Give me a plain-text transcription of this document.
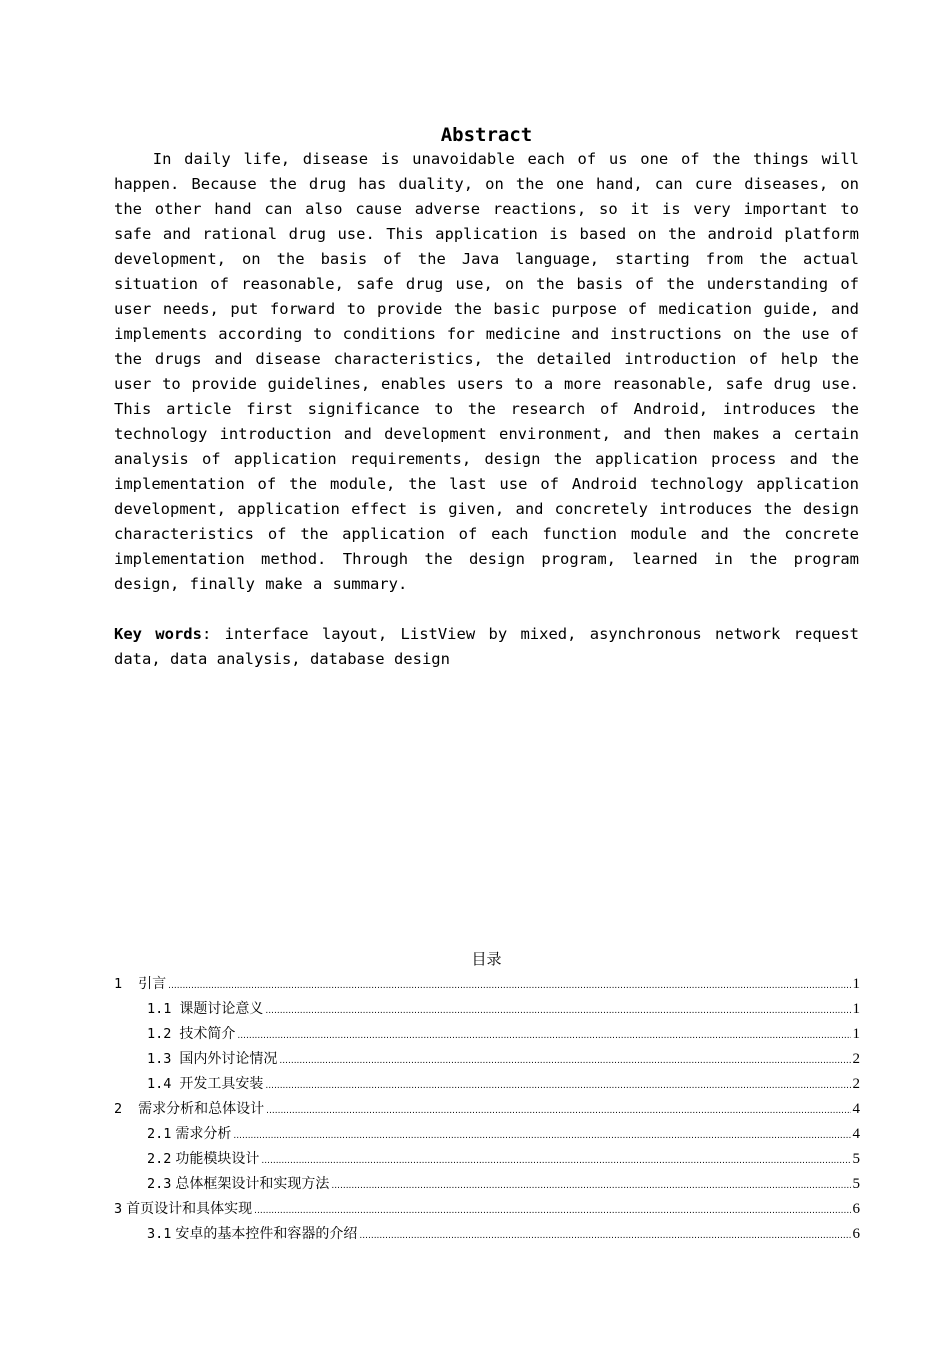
Abstract

In daily life, disease is unavoidable each of us one of the things will happen. Because the drug has duality, on the one hand, can cure diseases, on the other hand can also cause adverse reactions, so it is very important to safe and rational drug use. This application is based on the android platform development, on the basis of the Java language, starting from the actual situation of reasonable, safe drug use, on the basis of the understanding of user needs, put forward to provide the basic purpose of medication guide, and implements according to conditions for medicine and instructions on the use of the drugs and disease characteristics, the detailed introduction of help the user to provide guidelines, enables users to a more reasonable, safe drug use. This article first significance to the research of Android, introduces the technology introduction and development environment, and then makes a certain analysis of application requirements, design the application process and the implementation of the module, the last use of Android technology application development, application effect is given, and concretely introduces the design characteristics of the application of each function module and the concrete implementation method. Through the design program, learned in the program design, finally make a summary.

Key words: interface layout, ListView by mixed, asynchronous network request data, data analysis, database design

目录
1 引言 .....	1
1.1 课题讨论意义 .....	1
1.2 技术简介 .....	1
1.3 国内外讨论情况 .....	2
1.4 开发工具安装 .....	2
2 需求分析和总体设计 .....	4
2.1 需求分析 .....	4
2.2 功能模块设计 .....	5
2.3 总体框架设计和实现方法 .....	5
3 首页设计和具体实现 .....	6
3.1 安卓的基本控件和容器的介绍 .....	6
